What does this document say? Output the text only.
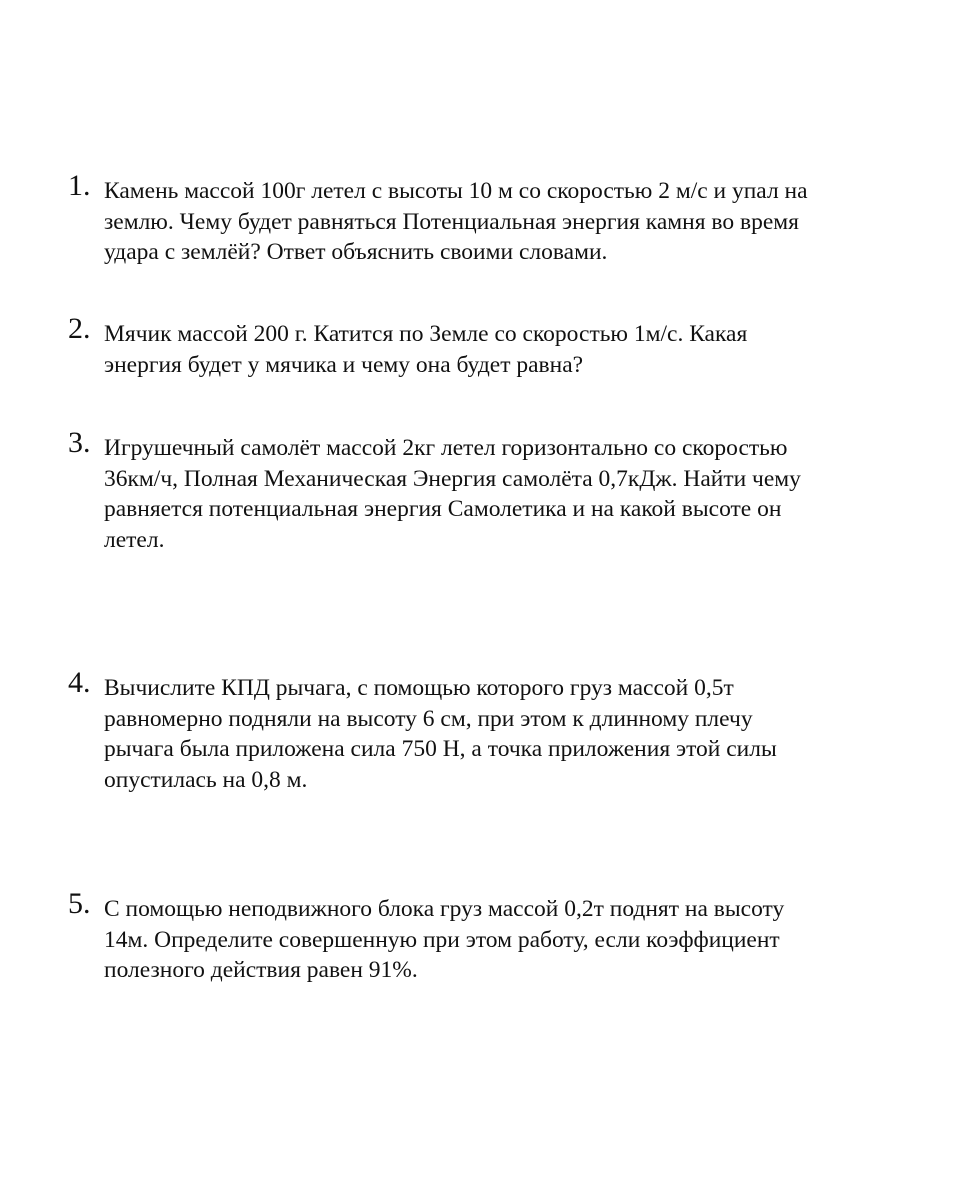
1. Камень массой 100г летел с высоты 10 м со скоростью 2 м/с и упал на
землю. Чему будет равняться Потенциальная энергия камня во время
удара с землёй? Ответ объяснить своими словами.
2. Мячик массой 200 г. Катится по Земле со скоростью 1м/с. Какая
энергия будет у мячика и чему она будет равна?
3. Игрушечный самолёт массой 2кг летел горизонтально со скоростью
36км/ч, Полная Механическая Энергия самолёта 0,7кДж. Найти чему
равняется потенциальная энергия Самолетика и на какой высоте он
летел.
4. Вычислите КПД рычага, с помощью которого груз массой 0,5т
равномерно подняли на высоту 6 см, при этом к длинному плечу
рычага была приложена сила 750 Н, а точка приложения этой силы
опустилась на 0,8 м.
5. С помощью неподвижного блока груз массой 0,2т поднят на высоту
14м. Определите совершенную при этом работу, если коэффициент
полезного действия равен 91%.
